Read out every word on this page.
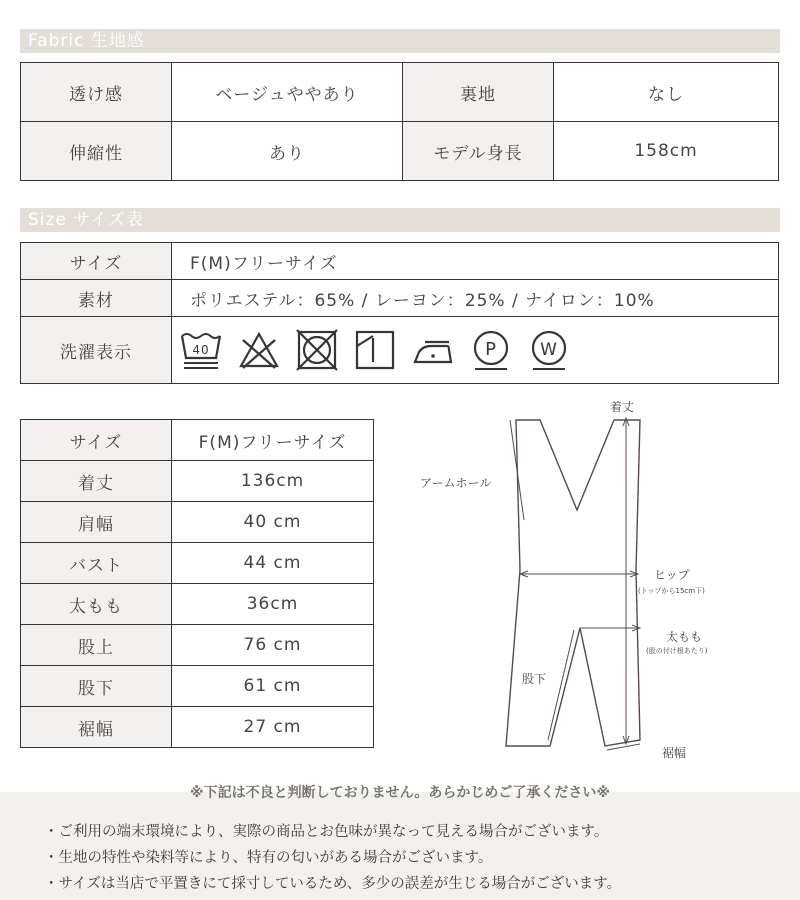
Fabric 生地感
透け感	ベージュややあり	裏地	なし
伸縮性	あり	モデル身長	158cm
Size サイズ表
サイズ	F(M)フリーサイズ
素材	ポリエステル：65% / レーヨン：25% / ナイロン：10%
洗濯表示	40 P W
サイズ	F(M)フリーサイズ
着丈	136cm
肩幅	40 cm
バスト	44 cm
太もも	36cm
股上	76 cm
股下	61 cm
裾幅	27 cm
着丈
アームホール
ヒップ
(トップから15cm下)
太もも
(股の付け根あたり)
股下
裾幅
※下記は不良と判断しておりません。あらかじめご了承ください※
・ご利用の端末環境により、実際の商品とお色味が異なって見える場合がございます。
・生地の特性や染料等により、特有の匂いがある場合がございます。
・サイズは当店で平置きにて採寸しているため、多少の誤差が生じる場合がございます。
